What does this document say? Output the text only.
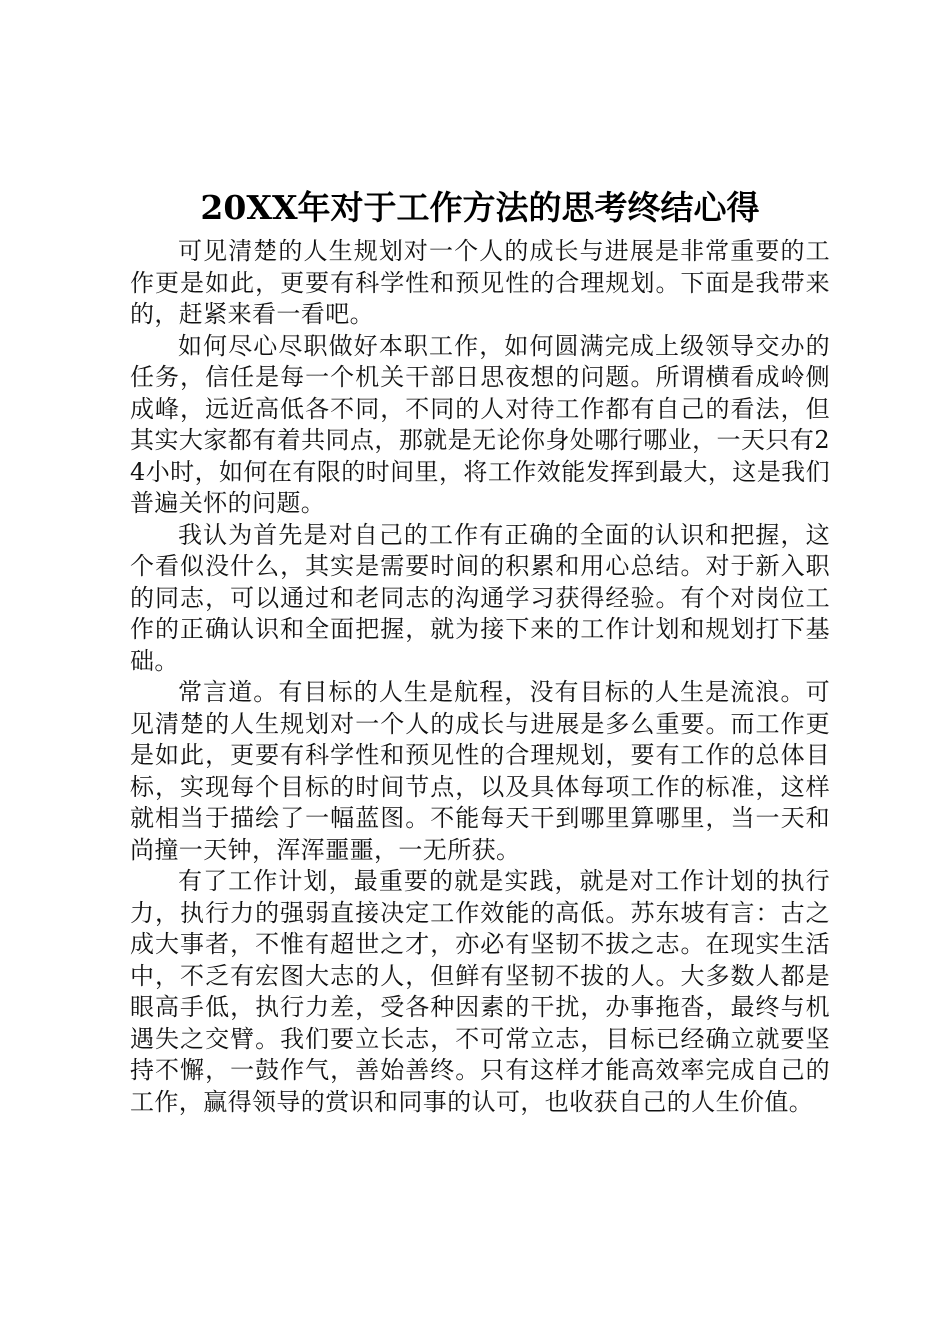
20XX年对于工作方法的思考终结心得

可见清楚的人生规划对一个人的成长与进展是非常重要的工作更是如此，更要有科学性和预见性的合理规划。下面是我带来的，赶紧来看一看吧。

如何尽心尽职做好本职工作，如何圆满完成上级领导交办的任务，信任是每一个机关干部日思夜想的问题。所谓横看成岭侧成峰，远近高低各不同，不同的人对待工作都有自己的看法，但其实大家都有着共同点，那就是无论你身处哪行哪业，一天只有24小时，如何在有限的时间里，将工作效能发挥到最大，这是我们普遍关怀的问题。

我认为首先是对自己的工作有正确的全面的认识和把握，这个看似没什么，其实是需要时间的积累和用心总结。对于新入职的同志，可以通过和老同志的沟通学习获得经验。有个对岗位工作的正确认识和全面把握，就为接下来的工作计划和规划打下基础。

常言道。有目标的人生是航程，没有目标的人生是流浪。可见清楚的人生规划对一个人的成长与进展是多么重要。而工作更是如此，更要有科学性和预见性的合理规划，要有工作的总体目标，实现每个目标的时间节点，以及具体每项工作的标准，这样就相当于描绘了一幅蓝图。不能每天干到哪里算哪里，当一天和尚撞一天钟，浑浑噩噩，一无所获。

有了工作计划，最重要的就是实践，就是对工作计划的执行力，执行力的强弱直接决定工作效能的高低。苏东坡有言：古之成大事者，不惟有超世之才，亦必有坚韧不拔之志。在现实生活中，不乏有宏图大志的人，但鲜有坚韧不拔的人。大多数人都是眼高手低，执行力差，受各种因素的干扰，办事拖沓，最终与机遇失之交臂。我们要立长志，不可常立志，目标已经确立就要坚持不懈，一鼓作气，善始善终。只有这样才能高效率完成自己的工作，赢得领导的赏识和同事的认可，也收获自己的人生价值。
